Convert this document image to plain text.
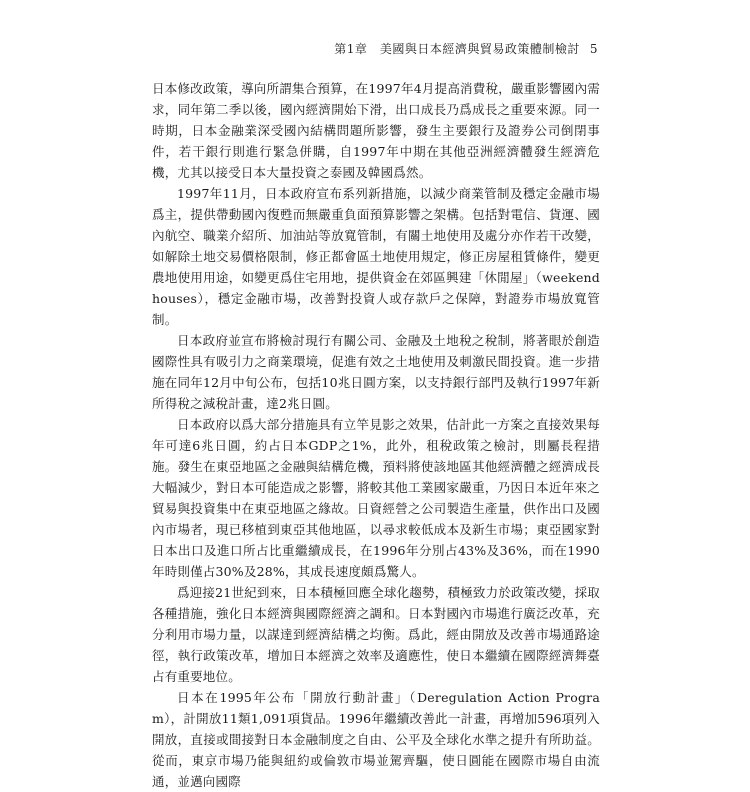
第1章　美國與日本經濟與貿易政策體制檢討 5

日本修改政策，導向所謂集合預算，在1997年4月提高消費稅，嚴重影響國內需求，同年第二季以後，國內經濟開始下滑，出口成長乃爲成長之重要來源。同一時期，日本金融業深受國內結構問題所影響，發生主要銀行及證券公司倒閉事件，若干銀行則進行緊急併購，自1997年中期在其他亞洲經濟體發生經濟危機，尤其以接受日本大量投資之泰國及韓國爲然。

1997年11月，日本政府宣布系列新措施，以減少商業管制及穩定金融市場爲主，提供帶動國內復甦而無嚴重負面預算影響之架構。包括對電信、貨運、國內航空、職業介紹所、加油站等放寬管制，有關土地使用及處分亦作若干改變，如解除土地交易價格限制，修正都會區土地使用規定，修正房屋租賃條件，變更農地使用用途，如變更爲住宅用地，提供資金在郊區興建「休閒屋」（weekend houses），穩定金融市場，改善對投資人或存款戶之保障，對證券市場放寬管制。

日本政府並宣布將檢討現行有關公司、金融及土地稅之稅制，將著眼於創造國際性具有吸引力之商業環境，促進有效之土地使用及刺激民間投資。進一步措施在同年12月中旬公布，包括10兆日圓方案，以支持銀行部門及執行1997年新所得稅之減稅計畫，達2兆日圓。

日本政府以爲大部分措施具有立竿見影之效果，估計此一方案之直接效果每年可達6兆日圓，約占日本GDP之1%，此外，租稅政策之檢討，則屬長程措施。發生在東亞地區之金融與結構危機，預料將使該地區其他經濟體之經濟成長大幅減少，對日本可能造成之影響，將較其他工業國家嚴重，乃因日本近年來之貿易與投資集中在東亞地區之緣故。日資經營之公司製造生產量，供作出口及國內市場者，現已移植到東亞其他地區，以尋求較低成本及新生市場；東亞國家對日本出口及進口所占比重繼續成長，在1996年分別占43%及36%，而在1990年時則僅占30%及28%，其成長速度頗爲驚人。

爲迎接21世紀到來，日本積極回應全球化趨勢，積極致力於政策改變，採取各種措施，強化日本經濟與國際經濟之調和。日本對國內市場進行廣泛改革，充分利用市場力量，以謀達到經濟結構之均衡。爲此，經由開放及改善市場通路途徑，執行政策改革，增加日本經濟之效率及適應性，使日本繼續在國際經濟舞臺占有重要地位。

日本在1995年公布「開放行動計畫」（Deregulation Action Program），計開放11類1,091項貨品。1996年繼續改善此一計畫，再增加596項列入開放，直接或間接對日本金融制度之自由、公平及全球化水準之提升有所助益。從而，東京市場乃能與紐約或倫敦市場並駕齊驅，使日圓能在國際市場自由流通，並邁向國際
